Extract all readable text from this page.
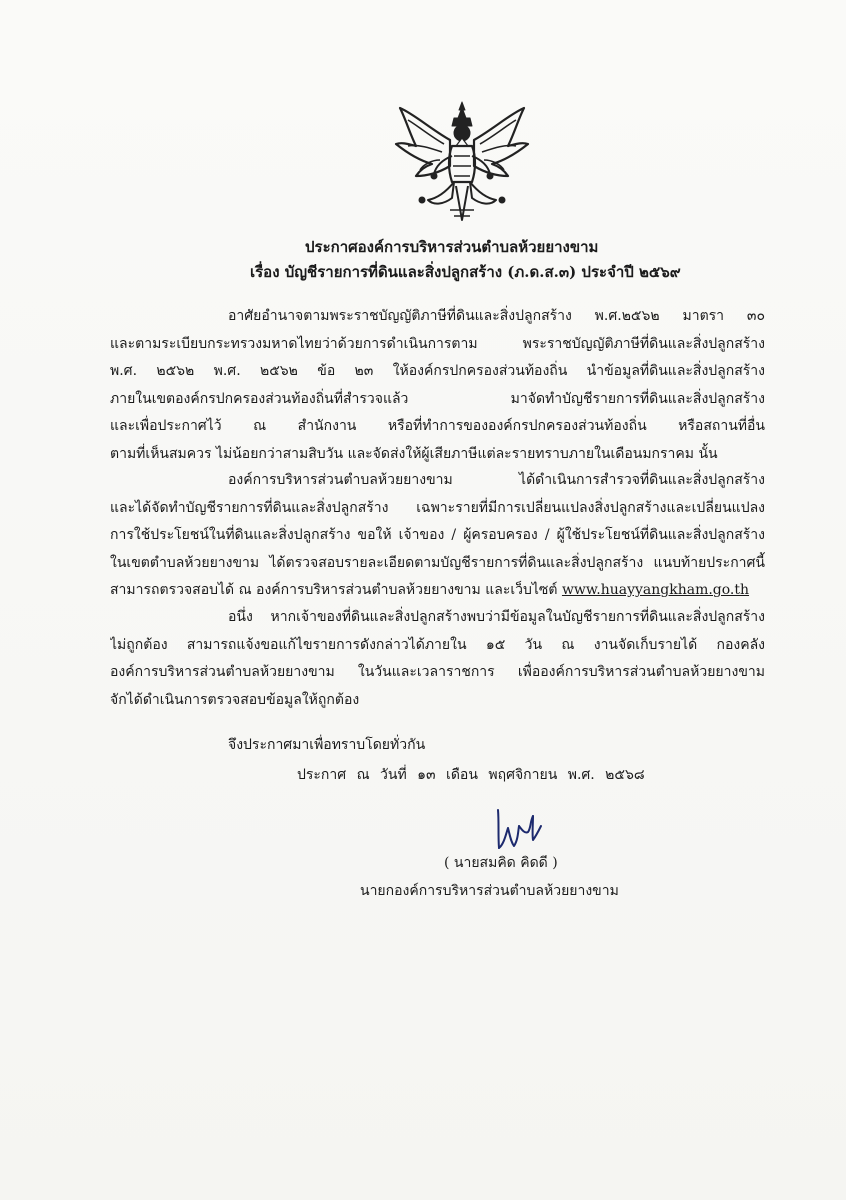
ประกาศองค์การบริหารส่วนตำบลห้วยยางขาม
เรื่อง บัญชีรายการที่ดินและสิ่งปลูกสร้าง (ภ.ด.ส.๓) ประจำปี ๒๕๖๙
อาศัยอำนาจตามพระราชบัญญัติภาษีที่ดินและสิ่งปลูกสร้าง พ.ศ.๒๕๖๒ มาตรา ๓๐
และตามระเบียบกระทรวงมหาดไทยว่าด้วยการดำเนินการตาม พระราชบัญญัติภาษีที่ดินและสิ่งปลูกสร้าง
พ.ศ. ๒๕๖๒ พ.ศ. ๒๕๖๒ ข้อ ๒๓ ให้องค์กรปกครองส่วนท้องถิ่น นำข้อมูลที่ดินและสิ่งปลูกสร้าง
ภายในเขตองค์กรปกครองส่วนท้องถิ่นที่สำรวจแล้ว มาจัดทำบัญชีรายการที่ดินและสิ่งปลูกสร้าง
และเพื่อประกาศไว้ ณ สำนักงาน หรือที่ทำการขององค์กรปกครองส่วนท้องถิ่น หรือสถานที่อื่น
ตามที่เห็นสมควร ไม่น้อยกว่าสามสิบวัน และจัดส่งให้ผู้เสียภาษีแต่ละรายทราบภายในเดือนมกราคม นั้น
องค์การบริหารส่วนตำบลห้วยยางขาม ได้ดำเนินการสำรวจที่ดินและสิ่งปลูกสร้าง
และได้จัดทำบัญชีรายการที่ดินและสิ่งปลูกสร้าง เฉพาะรายที่มีการเปลี่ยนแปลงสิ่งปลูกสร้างและเปลี่ยนแปลง
การใช้ประโยชน์ในที่ดินและสิ่งปลูกสร้าง ขอให้ เจ้าของ / ผู้ครอบครอง / ผู้ใช้ประโยชน์ที่ดินและสิ่งปลูกสร้าง
ในเขตตำบลห้วยยางขาม ได้ตรวจสอบรายละเอียดตามบัญชีรายการที่ดินและสิ่งปลูกสร้าง แนบท้ายประกาศนี้
สามารถตรวจสอบได้ ณ องค์การบริหารส่วนตำบลห้วยยางขาม และเว็บไซต์ www.huayyangkham.go.th
อนึ่ง หากเจ้าของที่ดินและสิ่งปลูกสร้างพบว่ามีข้อมูลในบัญชีรายการที่ดินและสิ่งปลูกสร้าง
ไม่ถูกต้อง สามารถแจ้งขอแก้ไขรายการดังกล่าวได้ภายใน ๑๕ วัน ณ งานจัดเก็บรายได้ กองคลัง
องค์การบริหารส่วนตำบลห้วยยางขาม ในวันและเวลาราชการ เพื่อองค์การบริหารส่วนตำบลห้วยยางขาม
จักได้ดำเนินการตรวจสอบข้อมูลให้ถูกต้อง
จึงประกาศมาเพื่อทราบโดยทั่วกัน
ประกาศ ณ วันที่ ๑๓ เดือน พฤศจิกายน พ.ศ. ๒๕๖๘
( นายสมคิด คิดดี )
นายกองค์การบริหารส่วนตำบลห้วยยางขาม
